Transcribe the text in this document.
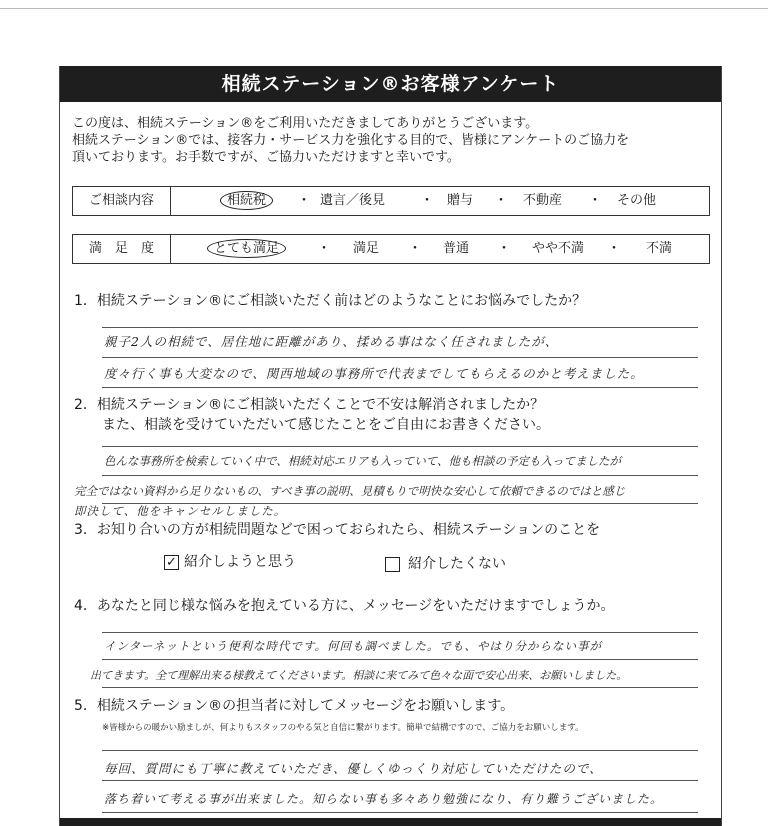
相続ステーション®お客様アンケート
この度は、相続ステーション®をご利用いただきましてありがとうございます。
相続ステーション®では、接客力・サービス力を強化する目的で、皆様にアンケートのご協力を
頂いております。お手数ですが、ご協力いただけますと幸いです。
ご相談内容	相続税	・ 遺言／後見 ・ 贈与 ・ 不動産 ・ その他
満　足　度	とても満足	・ 満足 ・ 普通 ・ やや不満 ・ 不満
1．相続ステーション®にご相談いただく前はどのようなことにお悩みでしたか？
親子2人の相続で、居住地に距離があり、揉める事はなく任されましたが、
度々行く事も大変なので、関西地域の事務所で代表までしてもらえるのかと考えました。
2．相続ステーション®にご相談いただくことで不安は解消されましたか？
また、相談を受けていただいて感じたことをご自由にお書きください。
色んな事務所を検索していく中で、相続対応エリアも入っていて、他も相談の予定も入ってましたが
完全ではない資料から足りないもの、すべき事の説明、見積もりで明快な安心して依頼できるのではと感じ
即決して、他をキャンセルしました。
3．お知り合いの方が相続問題などで困っておられたら、相続ステーションのことを
✓ 紹介しようと思う	紹介したくない
4．あなたと同じ様な悩みを抱えている方に、メッセージをいただけますでしょうか。
インターネットという便利な時代です。何回も調べました。でも、やはり分からない事が
出てきます。全て理解出来る様教えてくださいます。相談に来てみて色々な面で安心出来、お願いしました。
5．相続ステーション®の担当者に対してメッセージをお願いします。
※皆様からの暖かい励ましが、何よりもスタッフのやる気と自信に繋がります。簡単で結構ですので、ご協力をお願いします。
毎回、質問にも丁寧に教えていただき、優しくゆっくり対応していただけたので、
落ち着いて考える事が出来ました。知らない事も多々あり勉強になり、有り難うございました。
